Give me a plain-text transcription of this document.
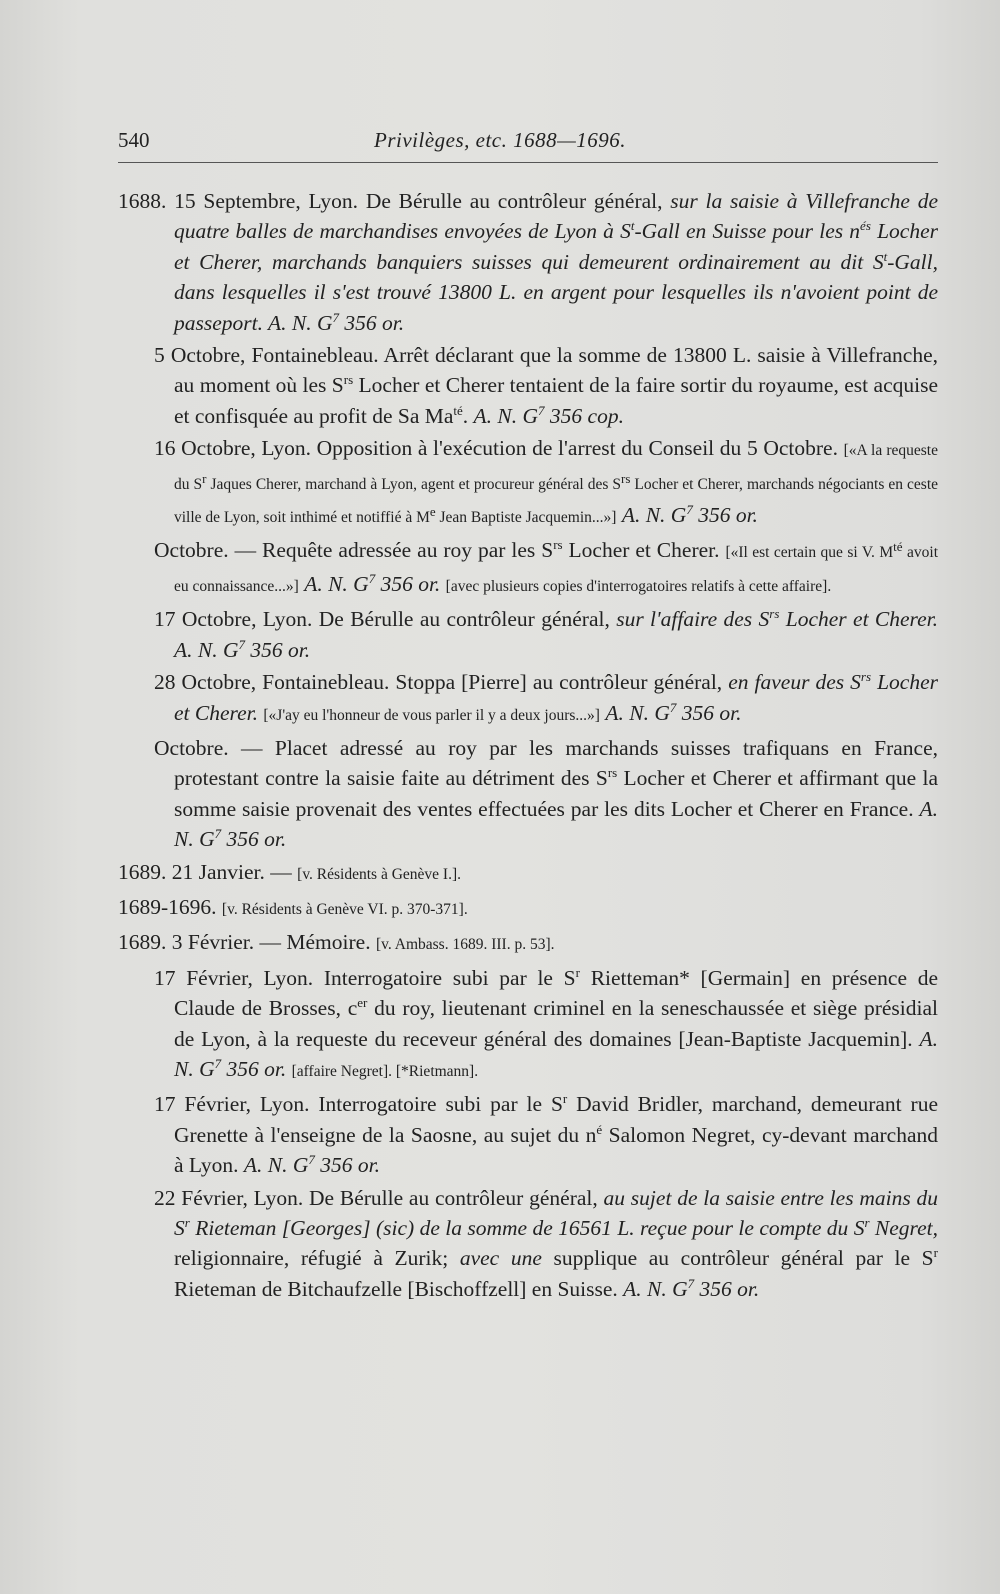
540	Privilèges, etc. 1688—1696.

1688. 15 Septembre, Lyon. De Bérulle au contrôleur général, sur la saisie à Villefranche de quatre balles de marchandises envoyées de Lyon à $S^t$-Gall en Suisse pour les $n^{és}$ Locher et Cherer, marchands banquiers suisses qui demeurent ordinairement au dit $S^t$-Gall, dans lesquelles il s'est trouvé 13800 L. en argent pour lesquelles ils n'avoient point de passeport. A. N. $G^7$ 356 or.

5 Octobre, Fontainebleau. Arrêt déclarant que la somme de 13800 L. saisie à Villefranche, au moment où les $S^{rs}$ Locher et Cherer tentaient de la faire sortir du royaume, est acquise et confisquée au profit de Sa $Ma^{té}$. A. N. $G^7$ 356 cop.

16 Octobre, Lyon. Opposition à l'exécution de l'arrest du Conseil du 5 Octobre. [«A la requeste du $S^r$ Jaques Cherer, marchand à Lyon, agent et procureur général des $S^{rs}$ Locher et Cherer, marchands négociants en ceste ville de Lyon, soit inthimé et notiffié à Me Jean Baptiste Jacquemin...»] A. N. $G^7$ 356 or.

Octobre. — Requête adressée au roy par les $S^{rs}$ Locher et Cherer. [«Il est certain que si V. $M^{té}$ avoit eu connaissance...»] A. N. $G^7$ 356 or. [avec plusieurs copies d'interrogatoires relatifs à cette affaire].

17 Octobre, Lyon. De Bérulle au contrôleur général, sur l'affaire des $S^{rs}$ Locher et Cherer. A. N. $G^7$ 356 or.

28 Octobre, Fontainebleau. Stoppa [Pierre] au contrôleur général, en faveur des $S^{rs}$ Locher et Cherer. [«J'ay eu l'honneur de vous parler il y a deux jours...»] A. N. $G^7$ 356 or.

Octobre. — Placet adressé au roy par les marchands suisses trafiquans en France, protestant contre la saisie faite au détriment des $S^{rs}$ Locher et Cherer et affirmant que la somme saisie provenait des ventes effectuées par les dits Locher et Cherer en France. A. N. $G^7$ 356 or.

1689. 21 Janvier. — [v. Résidents à Genève I.].

1689-1696. [v. Résidents à Genève VI. p. 370-371].

1689. 3 Février. — Mémoire. [v. Ambass. 1689. III. p. 53].

17 Février, Lyon. Interrogatoire subi par le $S^r$ Riettem​an* [Germain] en présence de Claude de Brosses, $c^{er}$ du roy, lieutenant criminel en la seneschaussée et siège présidial de Lyon, à la requeste du receveur général des domaines [Jean-Baptiste Jacquemin]. A. N. $G^7$ 356 or. [affaire Negret]. [*Rietmann].

17 Février, Lyon. Interrogatoire subi par le $S^r$ David Bridler, marchand, demeurant rue Grenette à l'enseigne de la Saosne, au sujet du $n^é$ Salomon Negret, cy-devant marchand à Lyon. A. N. $G^7$ 356 or.

22 Février, Lyon. De Bérulle au contrôleur général, au sujet de la saisie entre les mains du $S^r$ Rieteman [Georges] (sic) de la somme de 16561 L. reçue pour le compte du $S^r$ Negret, religionnaire, réfugié à Zurik; avec une supplique au contrôleur général par le $S^r$ Rieteman de Bitchaufzelle [Bischoffzell] en Suisse. A. N. $G^7$ 356 or.
